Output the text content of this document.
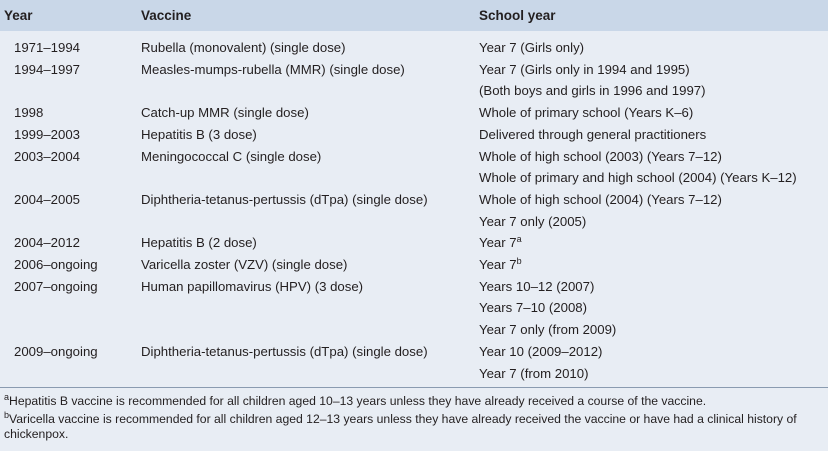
Year	Vaccine	School year
1971–1994	Rubella (monovalent) (single dose)	Year 7 (Girls only)
1994–1997	Measles-mumps-rubella (MMR) (single dose)	Year 7 (Girls only in 1994 and 1995)
(Both boys and girls in 1996 and 1997)
1998	Catch-up MMR (single dose)	Whole of primary school (Years K–6)
1999–2003	Hepatitis B (3 dose)	Delivered through general practitioners
2003–2004	Meningococcal C (single dose)	Whole of high school (2003) (Years 7–12)
Whole of primary and high school (2004) (Years K–12)
2004–2005	Diphtheria-tetanus-pertussis (dTpa) (single dose)	Whole of high school (2004) (Years 7–12)
Year 7 only (2005)
2004–2012	Hepatitis B (2 dose)	Year 7$^a$
2006–ongoing	Varicella zoster (VZV) (single dose)	Year 7$^b$
2007–ongoing	Human papillomavirus (HPV) (3 dose)	Years 10–12 (2007)
Years 7–10 (2008)
Year 7 only (from 2009)
2009–ongoing	Diphtheria-tetanus-pertussis (dTpa) (single dose)	Year 10 (2009–2012)
Year 7 (from 2010)
$^a$Hepatitis B vaccine is recommended for all children aged 10–13 years unless they have already received a course of the vaccine.
$^b$Varicella vaccine is recommended for all children aged 12–13 years unless they have already received the vaccine or have had a clinical history of chickenpox.
